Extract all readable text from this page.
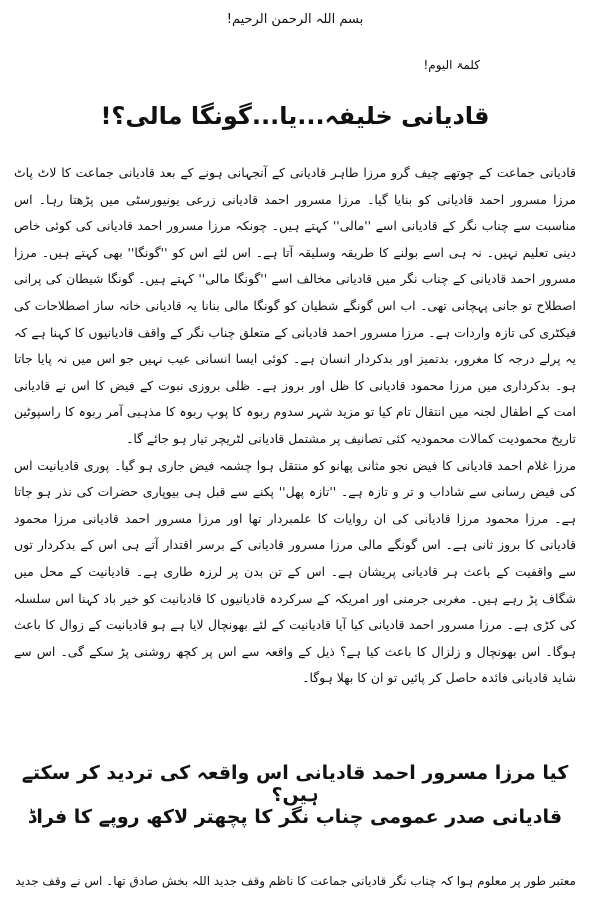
بسم اللہ الرحمن الرحیم!
کلمۃ الیوم!
قادیانی خلیفہ...یا...گونگا مالی؟!

قادیانی جماعت کے چوتھے چیف گرو مرزا طاہر قادیانی کے آنجہانی ہونے کے بعد قادیانی جماعت کا لاٹ پاٹ مرزا مسرور احمد قادیانی کو بنایا گیا۔ مرزا مسرور احمد قادیانی زرعی یونیورسٹی میں پڑھتا رہا۔ اس مناسبت سے چناب نگر کے قادیانی اسے ''مالی'' کہتے ہیں۔ چونکہ مرزا مسرور احمد قادیانی کی کوئی خاص دینی تعلیم نہیں۔ نہ ہی اسے بولنے کا طریقہ وسلیقہ آتا ہے۔ اس لئے اس کو ''گونگا'' بھی کہتے ہیں۔ مرزا مسرور احمد قادیانی کے چناب نگر میں قادیانی مخالف اسے ''گونگا مالی'' کہتے ہیں۔ گونگا شیطان کی پرانی اصطلاح تو جانی پہچانی تھی۔ اب اس گونگے شطیان کو گونگا مالی بنانا یہ قادیانی خانہ ساز اصطلاحات کی فیکٹری کی تازہ واردات ہے۔ مرزا مسرور احمد قادیانی کے متعلق چناب نگر کے واقف قادیانیوں کا کہنا ہے کہ یہ پرلے درجہ کا مغرور، بدتمیز اور بدکردار انسان ہے۔ کوئی ایسا انسانی عیب نہیں جو اس میں نہ پایا جاتا ہو۔ بدکرداری میں مرزا محمود قادیانی کا ظل اور بروز ہے۔ ظلی بروزی نبوت کے فیض کا اس نے قادیانی امت کے اطفال لجنہ میں انتقال تام کیا تو مزید شہر سدوم ربوہ کا پوپ ربوہ کا مذہبی آمر ربوہ کا راسپوٹین تاریخ محمودیت کمالات محمودیہ کئی تصانیف پر مشتمل قادیانی لٹریچر تیار ہو جائے گا۔

مرزا غلام احمد قادیانی کا فیض نجو مثانی پھانو کو منتقل ہوا چشمہ فیض جاری ہو گیا۔ پوری قادیانیت اس کی فیض رسانی سے شاداب و تر و تازہ ہے۔ ''تازہ پھل'' پکنے سے قبل ہی بیوپاری حضرات کی نذر ہو جاتا ہے۔ مرزا محمود مرزا قادیانی کی ان روایات کا علمبردار تھا اور مرزا مسرور احمد قادیانی مرزا محمود قادیانی کا بروز ثانی ہے۔ اس گونگے مالی مرزا مسرور قادیانی کے برسر اقتدار آتے ہی اس کے بدکردار توں سے واقفیت کے باعث ہر قادیانی پریشان ہے۔ اس کے تن بدن پر لرزہ طاری ہے۔ قادیانیت کے محل میں شگاف پڑ رہے ہیں۔ مغربی جرمنی اور امریکہ کے سرکردہ قادیانیوں کا قادیانیت کو خیر باد کہنا اس سلسلہ کی کڑی ہے۔ مرزا مسرور احمد قادیانی کیا آیا قادیانیت کے لئے بھونچال لایا ہے ہو قادیانیت کے زوال کا باعث ہوگا۔ اس بھونچال و زلزال کا باعث کیا ہے؟ ذیل کے واقعہ سے اس پر کچھ روشنی پڑ سکے گی۔ اس سے شاید قادیانی فائدہ حاصل کر پائیں تو ان کا بھلا ہوگا۔

کیا مرزا مسرور احمد قادیانی اس واقعہ کی تردید کر سکتے ہیں؟
قادیانی صدر عمومی چناب نگر کا پچھتر لاکھ روپے کا فراڈ
معتبر طور پر معلوم ہوا کہ چناب نگر قادیانی جماعت کا ناظم وقف جدید اللہ بخش صادق تھا۔ اس نے وقف جدید
